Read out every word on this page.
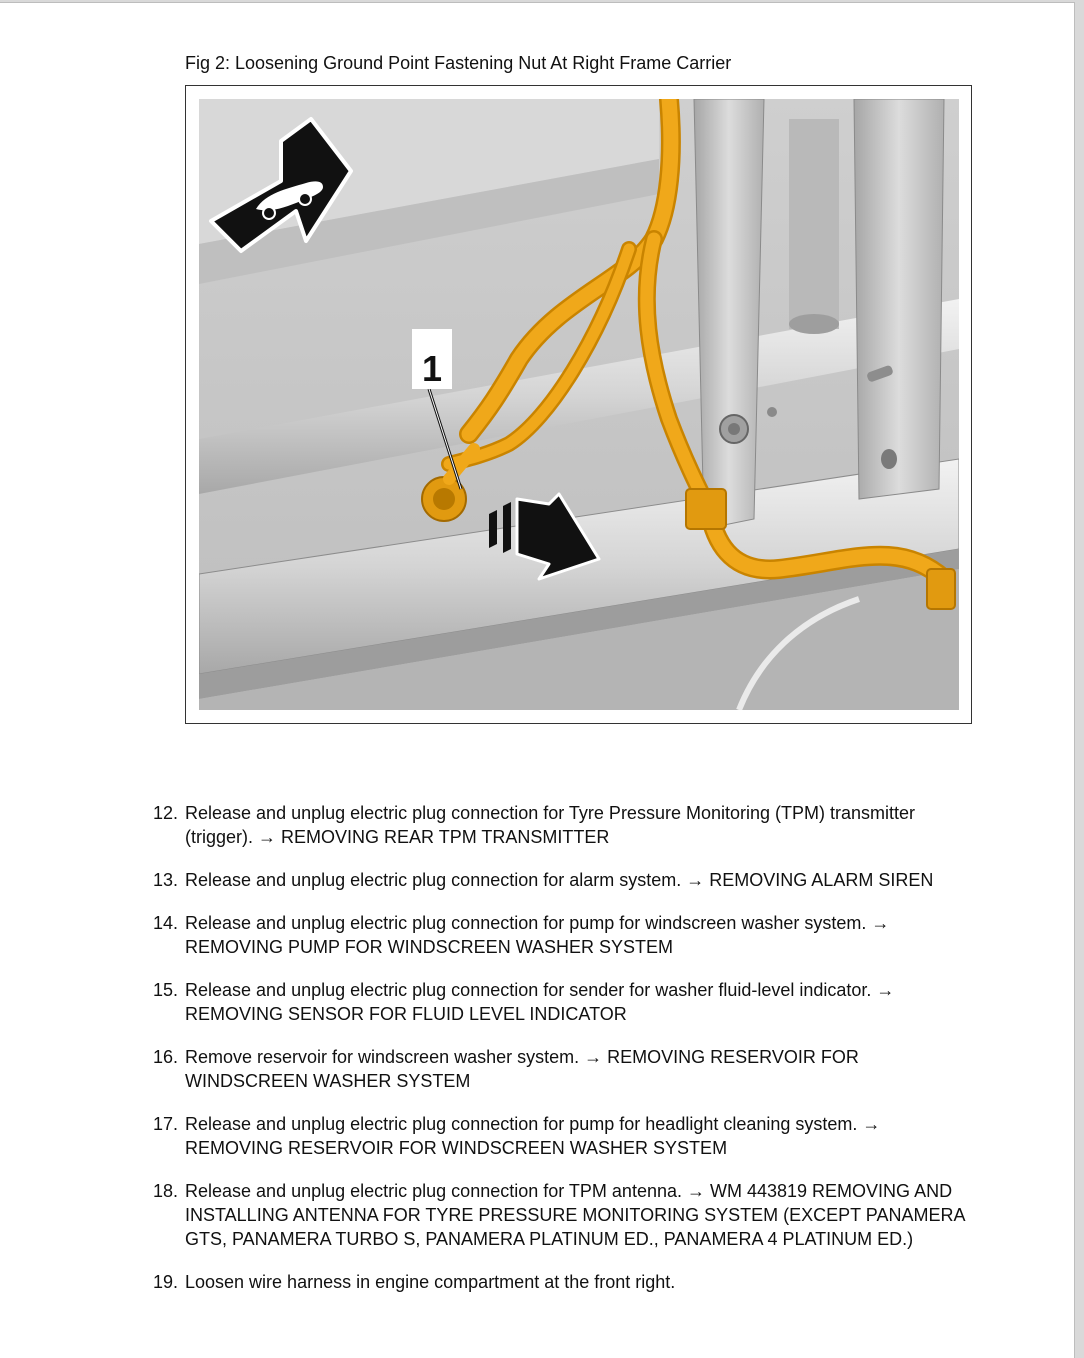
Fig 2: Loosening Ground Point Fastening Nut At Right Frame Carrier
1
12. Release and unplug electric plug connection for Tyre Pressure Monitoring (TPM) transmitter (trigger). → REMOVING REAR TPM TRANSMITTER
13. Release and unplug electric plug connection for alarm system. → REMOVING ALARM SIREN
14. Release and unplug electric plug connection for pump for windscreen washer system. → REMOVING PUMP FOR WINDSCREEN WASHER SYSTEM
15. Release and unplug electric plug connection for sender for washer fluid-level indicator. → REMOVING SENSOR FOR FLUID LEVEL INDICATOR
16. Remove reservoir for windscreen washer system. → REMOVING RESERVOIR FOR WINDSCREEN WASHER SYSTEM
17. Release and unplug electric plug connection for pump for headlight cleaning system. → REMOVING RESERVOIR FOR WINDSCREEN WASHER SYSTEM
18. Release and unplug electric plug connection for TPM antenna. → WM 443819 REMOVING AND INSTALLING ANTENNA FOR TYRE PRESSURE MONITORING SYSTEM (EXCEPT PANAMERA GTS, PANAMERA TURBO S, PANAMERA PLATINUM ED., PANAMERA 4 PLATINUM ED.)
19. Loosen wire harness in engine compartment at the front right.
